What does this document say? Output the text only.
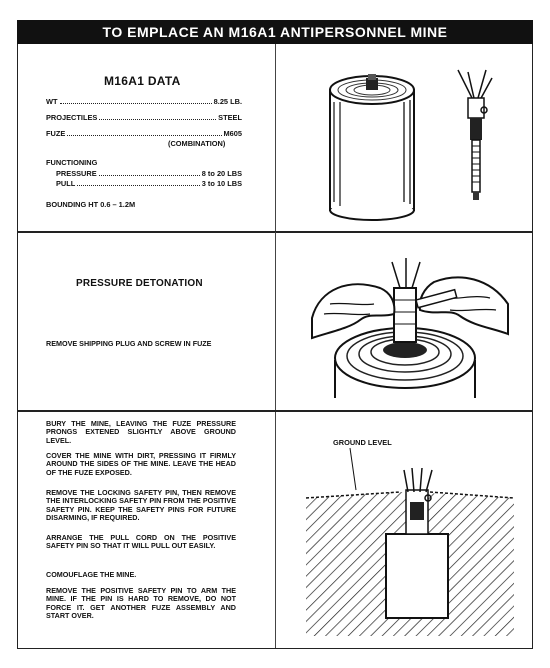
TO EMPLACE AN M16A1 ANTIPERSONNEL MINE
M16A1 DATA
WT	8.25 LB.
PROJECTILES	STEEL
FUZE	M605
(COMBINATION)
FUNCTIONING
PRESSURE	8 to 20 LBS
PULL	3 to 10 LBS
BOUNDING HT 0.6 – 1.2M
PRESSURE DETONATION
REMOVE SHIPPING PLUG AND SCREW IN FUZE
BURY THE MINE, LEAVING THE FUZE PRESSURE PRONGS EXTENED SLIGHTLY ABOVE GROUND LEVEL.
COVER THE MINE WITH DIRT, PRESSING IT FIRMLY AROUND THE SIDES OF THE MINE. LEAVE THE HEAD OF THE FUZE EXPOSED.
REMOVE THE LOCKING SAFETY PIN, THEN REMOVE THE INTERLOCKING SAFETY PIN FROM THE POSITIVE SAFETY PIN. KEEP THE SAFETY PINS FOR FUTURE DISARMING, IF REQUIRED.
ARRANGE THE PULL CORD ON THE POSITIVE SAFETY PIN SO THAT IT WILL PULL OUT EASILY.
COMOUFLAGE THE MINE.
REMOVE THE POSITIVE SAFETY PIN TO ARM THE MINE. IF THE PIN IS HARD TO REMOVE, DO NOT FORCE IT. GET ANOTHER FUZE ASSEMBLY AND START OVER.
GROUND LEVEL
